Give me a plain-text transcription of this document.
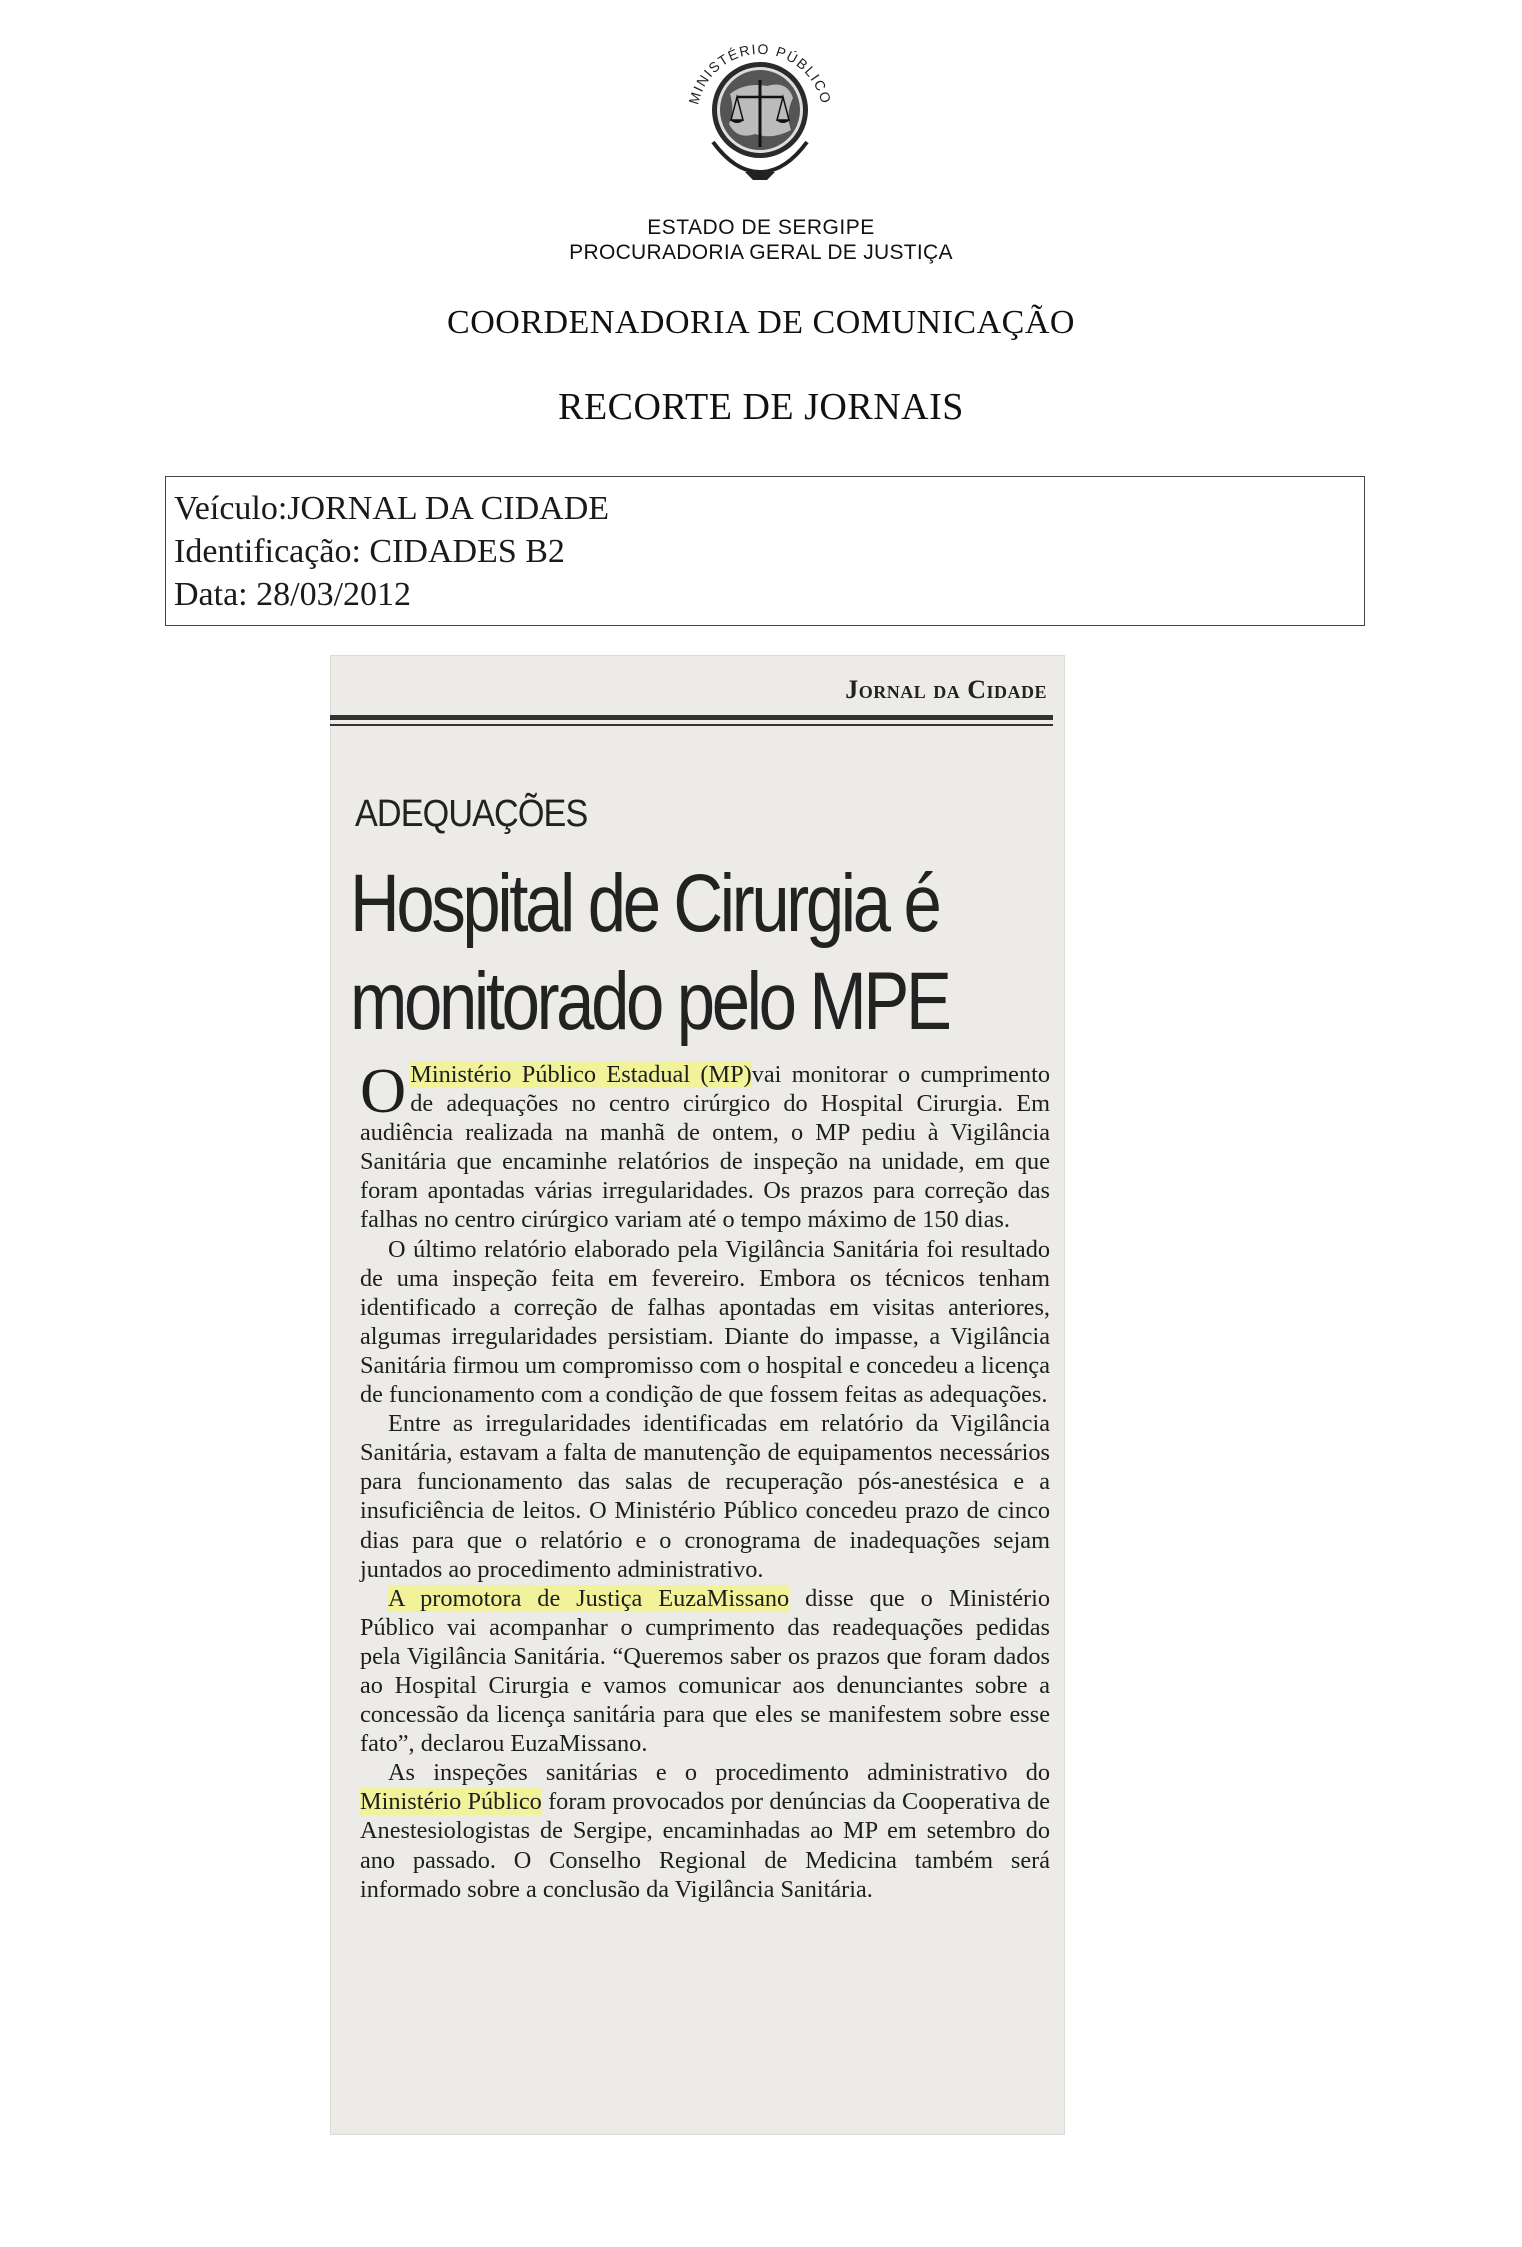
MINISTÉRIO PÚBLICO
ESTADO DE SERGIPE
PROCURADORIA GERAL DE JUSTIÇA
COORDENADORIA DE COMUNICAÇÃO
RECORTE DE JORNAIS
Veículo:JORNAL DA CIDADE
Identificação: CIDADES B2
Data: 28/03/2012
Jornal da Cidade
ADEQUAÇÕES
Hospital de Cirurgia é
monitorado pelo MPE

O Ministério Público Estadual (MP)vai monitorar o cumprimento de adequações no centro cirúrgico do Hospital Cirurgia. Em audiência realizada na manhã de ontem, o MP pediu à Vigilância Sanitária que encaminhe relatórios de inspeção na unidade, em que foram apontadas várias irregularidades. Os prazos para correção das falhas no centro cirúrgico variam até o tempo máximo de 150 dias.

O último relatório elaborado pela Vigilância Sanitária foi resultado de uma inspeção feita em fevereiro. Embora os técnicos tenham identificado a correção de falhas apontadas em visitas anteriores, algumas irregularidades persistiam. Diante do impasse, a Vigilância Sanitária firmou um compromisso com o hospital e concedeu a licença de funcionamento com a condição de que fossem feitas as adequações.

Entre as irregularidades identificadas em relatório da Vigilância Sanitária, estavam a falta de manutenção de equipamentos necessários para funcionamento das salas de recuperação pós-anestésica e a insuficiência de leitos. O Ministério Público concedeu prazo de cinco dias para que o relatório e o cronograma de inadequações sejam juntados ao procedimento administrativo.

A promotora de Justiça EuzaMissano disse que o Ministério Público vai acompanhar o cumprimento das readequações pedidas pela Vigilância Sanitária. “Queremos saber os prazos que foram dados ao Hospital Cirurgia e vamos comunicar aos denunciantes sobre a concessão da licença sanitária para que eles se manifestem sobre esse fato”, declarou EuzaMissano.

As inspeções sanitárias e o procedimento administrativo do Ministério Público foram provocados por denúncias da Cooperativa de Anestesiologistas de Sergipe, encaminhadas ao MP em setembro do ano passado. O Conselho Regional de Medicina também será informado sobre a conclusão da Vigilância Sanitária.
